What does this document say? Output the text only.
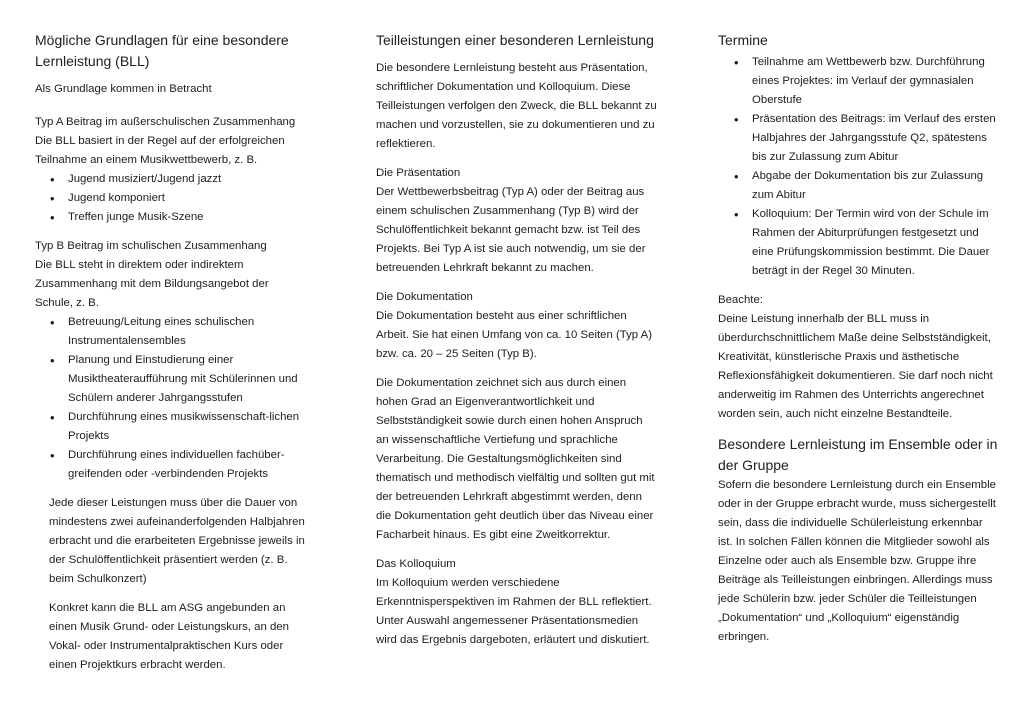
Mögliche Grundlagen für eine besondere Lernleistung (BLL)

Als Grundlage kommen in Betracht

Typ A Beitrag im außerschulischen Zusammenhang

Die BLL basiert in der Regel auf der erfolgreichen Teilnahme an einem Musikwettbewerb, z. B.

• Jugend musiziert/Jugend jazzt
• Jugend komponiert
• Treffen junge Musik-Szene
Typ B Beitrag im schulischen Zusammenhang

Die BLL steht in direktem oder indirektem Zusammenhang mit dem Bildungsangebot der Schule, z. B.

• Betreuung/Leitung eines schulischen Instrumentalensembles
• Planung und Einstudierung einer Musiktheateraufführung mit Schülerinnen und Schülern anderer Jahrgangsstufen
• Durchführung eines musikwissenschaft-lichen Projekts
• Durchführung eines individuellen fachüber-greifenden oder -verbindenden Projekts

Jede dieser Leistungen muss über die Dauer von mindestens zwei aufeinanderfolgenden Halbjahren erbracht und die erarbeiteten Ergebnisse jeweils in der Schulöffentlichkeit präsentiert werden (z. B. beim Schulkonzert)

Konkret kann die BLL am ASG angebunden an einen Musik Grund- oder Leistungskurs, an den Vokal- oder Instrumentalpraktischen Kurs oder einen Projektkurs erbracht werden.

Teilleistungen einer besonderen Lernleistung

Die besondere Lernleistung besteht aus Präsentation, schriftlicher Dokumentation und Kolloquium. Diese Teilleistungen verfolgen den Zweck, die BLL bekannt zu machen und vorzustellen, sie zu dokumentieren und zu reflektieren.

Die Präsentation

Der Wettbewerbsbeitrag (Typ A) oder der Beitrag aus einem schulischen Zusammenhang (Typ B) wird der Schulöffentlichkeit bekannt gemacht bzw. ist Teil des Projekts. Bei Typ A ist sie auch notwendig, um sie der betreuenden Lehrkraft bekannt zu machen.

Die Dokumentation

Die Dokumentation besteht aus einer schriftlichen Arbeit. Sie hat einen Umfang von ca. 10 Seiten (Typ A) bzw. ca. 20 – 25 Seiten (Typ B).

Die Dokumentation zeichnet sich aus durch einen hohen Grad an Eigenverantwortlichkeit und Selbstständigkeit sowie durch einen hohen Anspruch an wissenschaftliche Vertiefung und sprachliche Verarbeitung. Die Gestaltungsmöglichkeiten sind thematisch und methodisch vielfältig und sollten gut mit der betreuenden Lehrkraft abgestimmt werden, denn die Dokumentation geht deutlich über das Niveau einer Facharbeit hinaus. Es gibt eine Zweitkorrektur.

Das Kolloquium

Im Kolloquium werden verschiedene Erkenntnisperspektiven im Rahmen der BLL reflektiert. Unter Auswahl angemessener Präsentationsmedien wird das Ergebnis dargeboten, erläutert und diskutiert.

Termine
• Teilnahme am Wettbewerb bzw. Durchführung eines Projektes: im Verlauf der gymnasialen Oberstufe
• Präsentation des Beitrags: im Verlauf des ersten Halbjahres der Jahrgangsstufe Q2, spätestens bis zur Zulassung zum Abitur
• Abgabe der Dokumentation bis zur Zulassung zum Abitur
• Kolloquium: Der Termin wird von der Schule im Rahmen der Abiturprüfungen festgesetzt und eine Prüfungskommission bestimmt. Die Dauer beträgt in der Regel 30 Minuten.
Beachte:

Deine Leistung innerhalb der BLL muss in überdurchschnittlichem Maße deine Selbstständigkeit, Kreativität, künstlerische Praxis und ästhetische Reflexionsfähigkeit dokumentieren. Sie darf noch nicht anderweitig im Rahmen des Unterrichts angerechnet worden sein, auch nicht einzelne Bestandteile.

Besondere Lernleistung im Ensemble oder in der Gruppe

Sofern die besondere Lernleistung durch ein Ensemble oder in der Gruppe erbracht wurde, muss sichergestellt sein, dass die individuelle Schülerleistung erkennbar ist. In solchen Fällen können die Mitglieder sowohl als Einzelne oder auch als Ensemble bzw. Gruppe ihre Beiträge als Teilleistungen einbringen. Allerdings muss jede Schülerin bzw. jeder Schüler die Teilleistungen „Dokumentation“ und „Kolloquium“ eigenständig erbringen.
